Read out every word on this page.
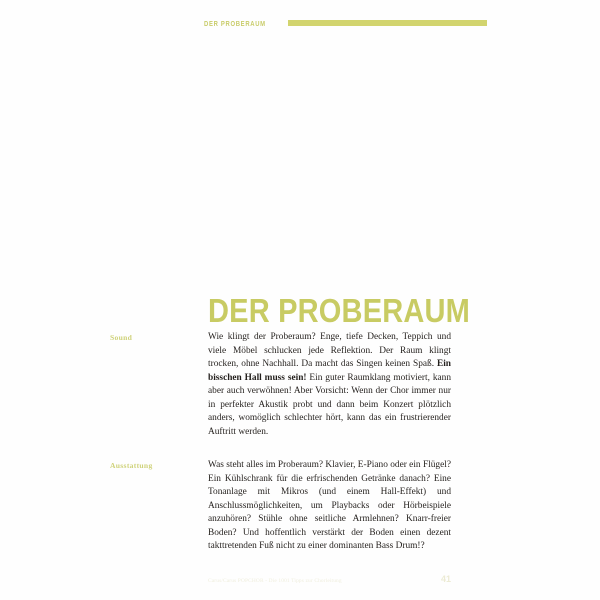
DER PROBERAUM
DER PROBERAUM
Sound	Wie klingt der Proberaum? Enge, tiefe Decken, Teppich und viele Möbel schlucken jede Reflektion. Der Raum klingt trocken, ohne Nachhall. Da macht das Singen keinen Spaß. Ein bisschen Hall muss sein! Ein guter Raumklang motiviert, kann aber auch verwöhnen! Aber Vorsicht: Wenn der Chor immer nur in perfekter Akustik probt und dann beim Konzert plötzlich anders, womöglich schlechter hört, kann das ein frustrierender Auftritt werden.
Ausstattung	Was steht alles im Proberaum? Klavier, E-Piano oder ein Flügel? Ein Kühlschrank für die erfrischenden Getränke danach? Eine Tonanlage mit Mikros (und einem Hall-Effekt) und Anschlussmöglichkeiten, um Playbacks oder Hörbeispiele anzuhören? Stühle ohne seitliche Armlehnen? Knarr-freier Boden? Und hoffentlich verstärkt der Boden einen dezent takttretenden Fuß nicht zu einer dominanten Bass Drum!?
Carus/Carus POPCHOR - Die 1001 Tipps zur Chorleitung	41
